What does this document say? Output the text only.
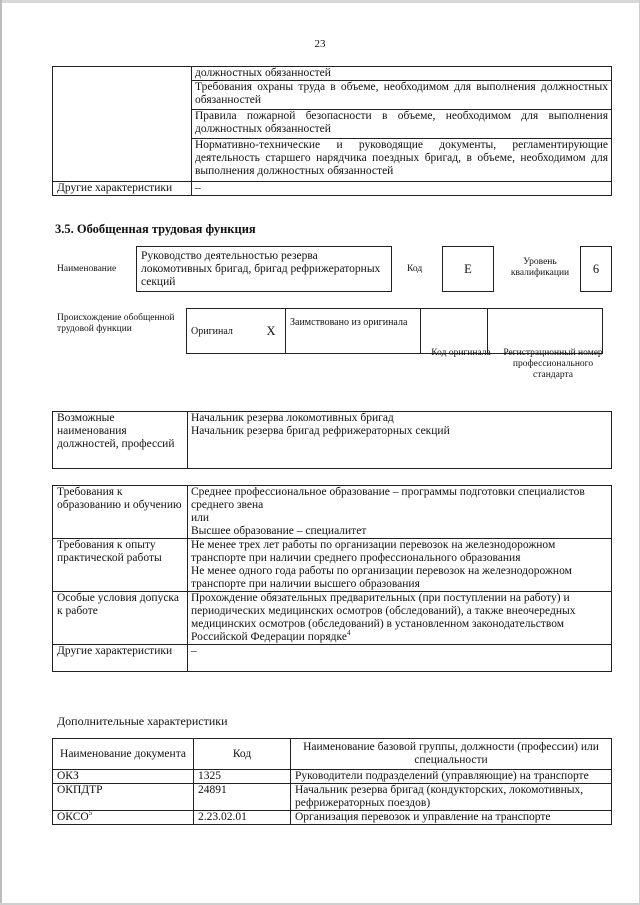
23
	должностных обязанностей
	Требования охраны труда в объеме, необходимом для выполнения должностных обязанностей
	Правила пожарной безопасности в объеме, необходимом для выполнения должностных обязанностей
	Нормативно-технические и руководящие документы, регламентирующие деятельность старшего нарядчика поездных бригад, в объеме, необходимом для выполнения должностных обязанностей
Другие характеристики	–
3.5. Обобщенная трудовая функция
Наименование
Руководство деятельностью резерва локомотивных бригад, бригад рефрижераторных секций
Код	E	Уровень квалификации	6
Происхождение обобщенной трудовой функции	Оригинал	X	Заимствовано из оригинала		
Код оригинала	Регистрационный номер профессионального стандарта
Возможные наименования должностей, профессий	
Начальник резерва локомотивных бригад
Начальник резерва бригад рефрижераторных секций
Требования к образованию и обучению	Среднее профессиональное образование – программы подготовки специалистов среднего звена
или
Высшее образование – специалитет

Требования к опыту практической работы	Не менее трех лет работы по организации перевозок на железнодорожном транспорте при наличии среднего профессионального образования
Не менее одного года работы по организации перевозок на железнодорожном транспорте при наличии высшего образования

Особые условия допуска к работе	Прохождение обязательных предварительных (при поступлении на работу) и периодических медицинских осмотров (обследований), а также внеочередных медицинских осмотров (обследований) в установленном законодательством Российской Федерации порядке$^4$
Другие характеристики	–
Дополнительные характеристики
Наименование документа	Код	Наименование базовой группы, должности (профессии) или специальности
ОКЗ	1325	Руководители подразделений (управляющие) на транспорте
ОКПДТР	24891	Начальник резерва бригад (кондукторских, локомотивных, рефрижераторных поездов)
ОКСО$^5$	2.23.02.01	Организация перевозок и управление на транспорте
